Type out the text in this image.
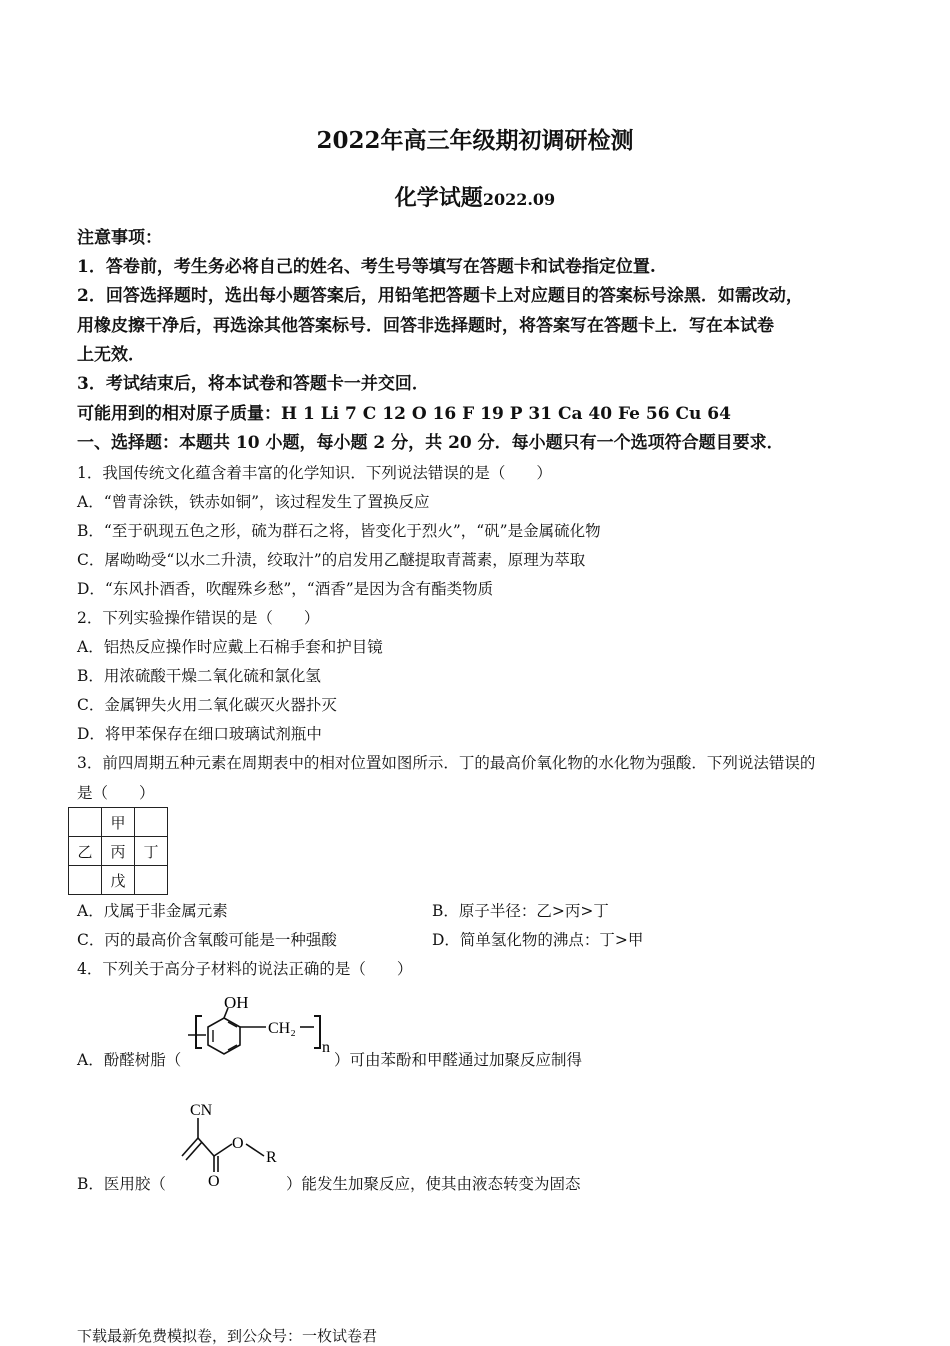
2022年高三年级期初调研检测
化学试题2022.09
注意事项：
1．答卷前，考生务必将自己的姓名、考生号等填写在答题卡和试卷指定位置.
2．回答选择题时，选出每小题答案后，用铅笔把答题卡上对应题目的答案标号涂黑．如需改动，
用橡皮擦干净后，再选涂其他答案标号．回答非选择题时，将答案写在答题卡上．写在本试卷
上无效．
3．考试结束后，将本试卷和答题卡一并交回．
可能用到的相对原子质量：H 1 Li 7 C 12 O 16 F 19 P 31 Ca 40 Fe 56 Cu 64
一、选择题：本题共 10 小题，每小题 2 分，共 20 分．每小题只有一个选项符合题目要求．
1．我国传统文化蕴含着丰富的化学知识．下列说法错误的是（　　）
A．“曾青涂铁，铁赤如铜”，该过程发生了置换反应
B．“至于矾现五色之形，硫为群石之将，皆变化于烈火”，“矾”是金属硫化物
C．屠呦呦受“以水二升渍，绞取汁”的启发用乙醚提取青蒿素，原理为萃取
D．“东风扑酒香，吹醒殊乡愁”，“酒香”是因为含有酯类物质
2．下列实验操作错误的是（　　）
A．铝热反应操作时应戴上石棉手套和护目镜
B．用浓硫酸干燥二氧化硫和氯化氢
C．金属钾失火用二氧化碳灭火器扑灭
D．将甲苯保存在细口玻璃试剂瓶中
3．前四周期五种元素在周期表中的相对位置如图所示．丁的最高价氧化物的水化物为强酸．下列说法错误的
是（　　）
	甲	
乙	丙	丁
	戊	
A．戊属于非金属元素	B．原子半径：乙>丙>丁
C．丙的最高价含氧酸可能是一种强酸	D．简单氢化物的沸点：丁>甲
4．下列关于高分子材料的说法正确的是（　　）
A．酚醛树脂（
OH
CH₂
n
）可由苯酚和甲醛通过加聚反应制得
B．医用胶（
CN
O
R
O	）能发生加聚反应，使其由液态转变为固态
下载最新免费模拟卷，到公众号：一枚试卷君
